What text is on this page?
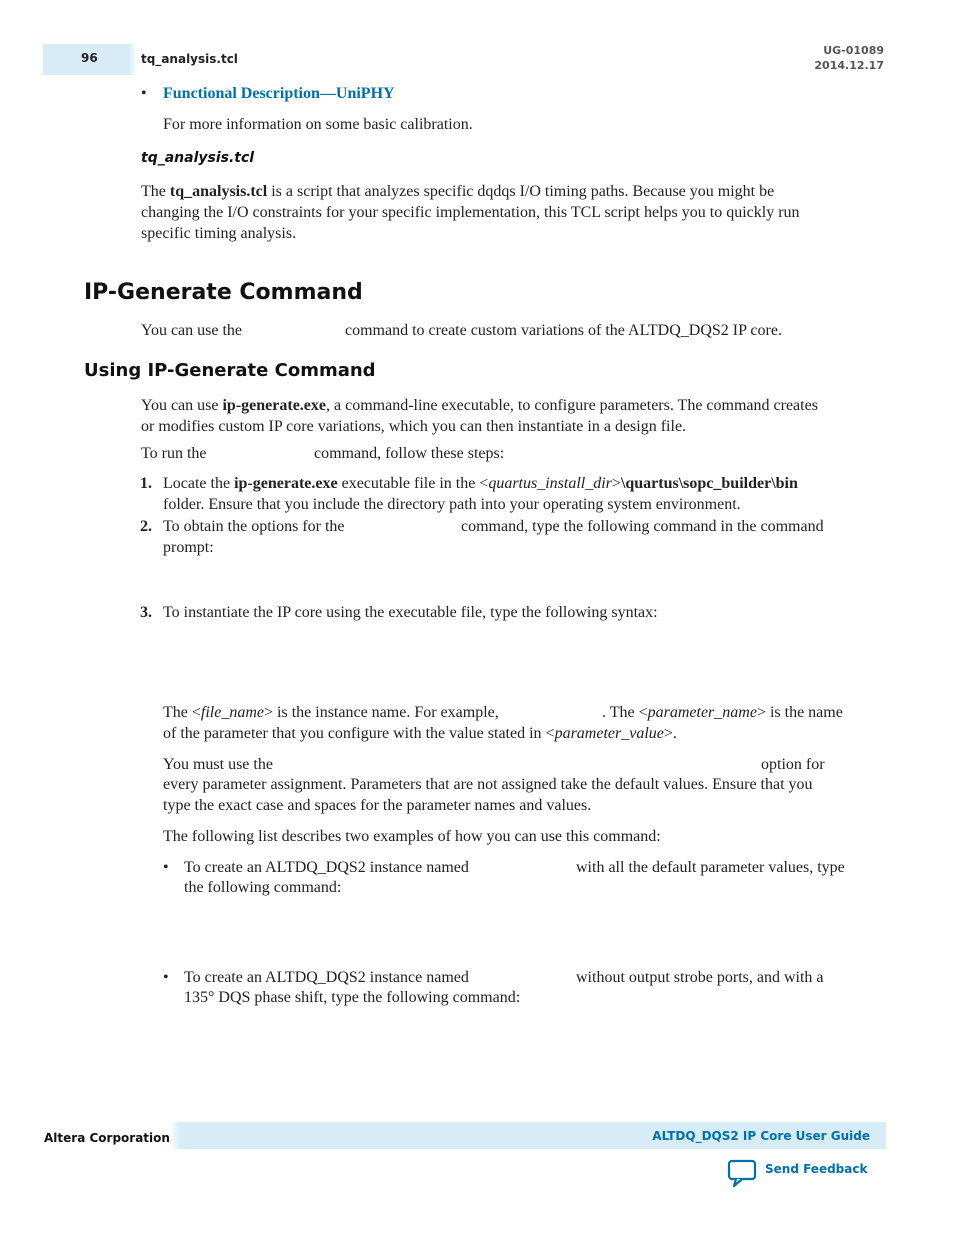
96	tq_analysis.tcl
UG-01089
2014.12.17
• Functional Description—UniPHY
For more information on some basic calibration.
tq_analysis.tcl
The tq_analysis.tcl is a script that analyzes specific dqdqs I/O timing paths. Because you might be
changing the I/O constraints for your specific implementation, this TCL script helps you to quickly run
specific timing analysis.
IP-Generate Command
You can use the	command to create custom variations of the ALTDQ_DQS2 IP core.
Using IP-Generate Command
You can use ip-generate.exe, a command-line executable, to configure parameters. The command creates
or modifies custom IP core variations, which you can then instantiate in a design file.
To run the	command, follow these steps:
1. Locate the ip-generate.exe executable file in the <quartus_install_dir>\quartus\sopc_builder\bin
folder. Ensure that you include the directory path into your operating system environment.
2. To obtain the options for the	command, type the following command in the command
prompt:
3. To instantiate the IP core using the executable file, type the following syntax:
The <file_name> is the instance name. For example,	. The <parameter_name> is the name
of the parameter that you configure with the value stated in <parameter_value>.
You must use the	option for
every parameter assignment. Parameters that are not assigned take the default values. Ensure that you
type the exact case and spaces for the parameter names and values.
The following list describes two examples of how you can use this command:
• To create an ALTDQ_DQS2 instance named	with all the default parameter values, type
the following command:
• To create an ALTDQ_DQS2 instance named	without output strobe ports, and with a
135° DQS phase shift, type the following command:
Altera Corporation	ALTDQ_DQS2 IP Core User Guide
Send Feedback
